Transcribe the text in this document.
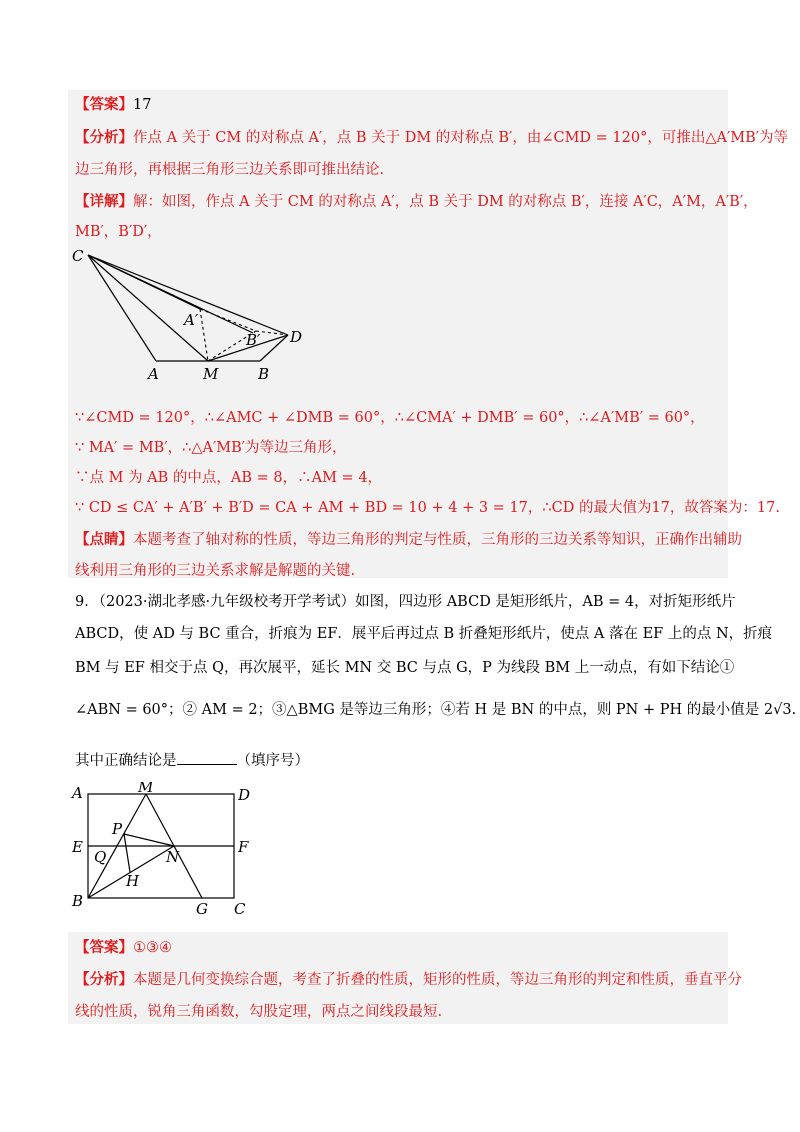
【答案】17
【分析】作点 A 关于 CM 的对称点 A′，点 B 关于 DM 的对称点 B′，由∠CMD = 120°，可推出△A′MB′为等
边三角形，再根据三角形三边关系即可推出结论.
【详解】解：如图，作点 A 关于 CM 的对称点 A′，点 B 关于 DM 的对称点 B′，连接 A′C，A′M，A′B′，
MB′，B′D′，
C
A′
B′ D
A	M	B
∵∠CMD = 120°，∴∠AMC + ∠DMB = 60°，∴∠CMA′ + DMB′ = 60°，∴∠A′MB′ = 60°，
∵ MA′ = MB′，∴△A′MB′为等边三角形，
∵点 M 为 AB 的中点，AB = 8，∴AM = 4，
∵ CD ≤ CA′ + A′B′ + B′D = CA + AM + BD = 10 + 4 + 3 = 17，∴CD 的最大值为17，故答案为：17.
【点睛】本题考查了轴对称的性质，等边三角形的判定与性质，三角形的三边关系等知识，正确作出辅助
线利用三角形的三边关系求解是解题的关键.
9．（2023·湖北孝感·九年级校考开学考试）如图，四边形 ABCD 是矩形纸片，AB = 4，对折矩形纸片
ABCD，使 AD 与 BC 重合，折痕为 EF．展平后再过点 B 折叠矩形纸片，使点 A 落在 EF 上的点 N，折痕
BM 与 EF 相交于点 Q，再次展平，延长 MN 交 BC 与点 G，P 为线段 BM 上一动点，有如下结论①
∠ABN = 60°；② AM = 2；③△BMG 是等边三角形；④若 H 是 BN 的中点，则 PN + PH 的最小值是 2√3.
其中正确结论是	（填序号）
A	M	D
P
E
Q	N
F
H
B	G C
【答案】①③④
【分析】本题是几何变换综合题，考查了折叠的性质，矩形的性质，等边三角形的判定和性质，垂直平分
线的性质，锐角三角函数，勾股定理，两点之间线段最短.
